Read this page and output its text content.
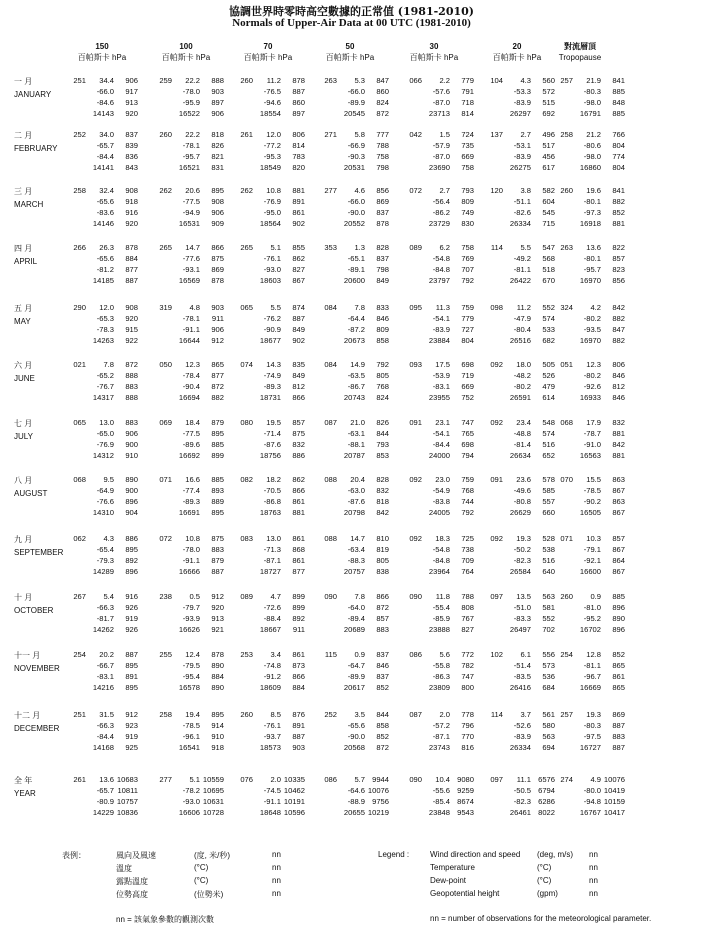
協調世界時零時高空數據的正常值 (1981-2010)
Normals of Upper-Air Data at 00 UTC (1981-2010)
150
百帕斯卡 hPa
100
百帕斯卡 hPa
70
百帕斯卡 hPa
50
百帕斯卡 hPa
30
百帕斯卡 hPa
20
百帕斯卡 hPa
對流層頂
Tropopause
一 月
JANUARY
251	34.4	906	259	22.2	888	260	11.2	878	263	5.3	847	066	2.2	779	104	4.3	560 257	21.9	841
-66.0	917	-78.0	903	-76.5	887	-66.0	860	-57.6	791	-53.3	572	-80.3	885
-84.6	913	-95.9	897	-94.6	860	-89.9	824	-87.0	718	-83.9	515	-98.0	848
14143	920	16522	906	18554	897	20545	872	23713	814	26297	692	16791	885
二 月
FEBRUARY
252	34.0	837	260	22.2	818	261	12.0	806	271	5.8	777	042	1.5	724	137	2.7	496 258	21.2	766
-65.7	839	-78.1	826	-77.2	814	-66.9	788	-57.9	735	-53.1	517	-80.6	804
-84.4	836	-95.7	821	-95.3	783	-90.3	758	-87.0	669	-83.9	456	-98.0	774
14141	843	16521	831	18549	820	20531	798	23690	758	26275	617	16860	804
三 月
MARCH
258	32.4	908	262	20.6	895	262	10.8	881	277	4.6	856	072	2.7	793	120	3.8	582 260	19.6	841
-65.6	918	-77.5	908	-76.9	891	-66.0	869	-56.4	809	-51.1	604	-80.1	882
-83.6	916	-94.9	906	-95.0	861	-90.0	837	-86.2	749	-82.6	545	-97.3	852
14146	920	16531	909	18564	902	20552	878	23729	830	26334	715	16918	881
四 月
APRIL
266	26.3	878	265	14.7	866	265	5.1	855	353	1.3	828	089	6.2	758	114	5.5	547 263	13.6	822
-65.6	884	-77.6	875	-76.1	862	-65.1	837	-54.8	769	-49.2	568	-80.1	857
-81.2	877	-93.1	869	-93.0	827	-89.1	798	-84.8	707	-81.1	518	-95.7	823
14185	887	16569	878	18603	867	20600	849	23797	792	26422	670	16970	856
五 月
MAY
290	12.0	908	319	4.8	903	065	5.5	874	084	7.8	833	095	11.3	759	098	11.2	552 324	4.2	842
-65.3	920	-78.1	911	-76.2	887	-64.4	846	-54.1	779	-47.9	574	-80.2	882
-78.3	915	-91.1	906	-90.9	849	-87.2	809	-83.9	727	-80.4	533	-93.5	847
14263	922	16644	912	18677	902	20673	858	23884	804	26516	682	16970	882
六 月
JUNE
021	7.8	872	050	12.3	865	074	14.3	835	084	14.9	792	093	17.5	698	092	18.0	505 051	12.3	806
-65.2	888	-78.4	877	-74.9	849	-63.5	805	-53.9	719	-48.2	526	-80.2	846
-76.7	883	-90.4	872	-89.3	812	-86.7	768	-83.1	669	-80.2	479	-92.6	812
14317	888	16694	882	18731	866	20743	824	23955	752	26591	614	16933	846
七 月
JULY
065	13.0	883	069	18.4	879	080	19.5	857	087	21.0	826	091	23.1	747	092	23.4	548 068	17.9	832
-65.0	906	-77.5	895	-71.4	875	-63.1	844	-54.1	765	-48.8	574	-78.7	881
-76.9	900	-89.6	885	-87.6	832	-88.1	793	-84.4	698	-81.4	516	-91.0	842
14312	910	16692	899	18756	886	20787	853	24000	794	26634	652	16563	881
八 月
AUGUST
068	9.5	890	071	16.6	885	082	18.2	862	088	20.4	828	092	23.0	759	091	23.6	578 070	15.5	863
-64.9	900	-77.4	893	-70.5	866	-63.0	832	-54.9	768	-49.6	585	-78.5	867
-76.6	896	-89.3	889	-86.8	861	-87.6	818	-83.8	744	-80.8	557	-90.2	863
14310	904	16691	895	18763	881	20798	842	24005	792	26629	660	16505	867
九 月
SEPTEMBER
062	4.3	886	072	10.8	875	083	13.0	861	088	14.7	810	092	18.3	725	092	19.3	528 071	10.3	857
-65.4	895	-78.0	883	-71.3	868	-63.4	819	-54.8	738	-50.2	538	-79.1	867
-79.3	892	-91.1	879	-87.1	861	-88.3	805	-84.8	709	-82.3	516	-92.1	864
14289	896	16666	887	18727	877	20757	838	23964	764	26584	640	16600	867
十 月
OCTOBER
267	5.4	916	238	0.5	912	089	4.7	899	090	7.8	866	090	11.8	788	097	13.5	563 260	0.9	885
-66.3	926	-79.7	920	-72.6	899	-64.0	872	-55.4	808	-51.0	581	-81.0	896
-81.7	919	-93.9	913	-88.4	892	-89.4	857	-85.9	767	-83.3	552	-95.2	890
14262	926	16626	921	18667	911	20689	883	23888	827	26497	702	16702	896
十一 月
NOVEMBER
254	20.2	887	255	12.4	878	253	3.4	861	115	0.9	837	086	5.6	772	102	6.1	556 254	12.8	852
-66.7	895	-79.5	890	-74.8	873	-64.7	846	-55.8	782	-51.4	573	-81.1	865
-83.1	891	-95.4	884	-91.2	866	-89.9	837	-86.3	747	-83.5	536	-96.7	861
14216	895	16578	890	18609	884	20617	852	23809	800	26416	684	16669	865
十二 月
DECEMBER
251	31.5	912	258	19.4	895	260	8.5	876	252	3.5	844	087	2.0	778	114	3.7	561 257	19.3	869
-66.3	923	-78.5	914	-76.1	891	-65.6	858	-57.2	796	-52.6	580	-80.3	887
-84.4	919	-96.1	910	-93.7	887	-90.0	852	-87.1	770	-83.9	563	-97.5	883
14168	925	16541	918	18573	903	20568	872	23743	816	26334	694	16727	887
全 年
YEAR
261	13.6 10683	277	5.1 10559	076	2.0 10335	086	5.7 9944	090	10.4 9080	097	11.1 6576 274	4.9 10076
-65.7 10811	-78.2 10695	-74.5 10462	-64.6 10076	-55.6 9259	-50.5 6794	-80.0 10419
-80.9 10757	-93.0 10631	-91.1 10191	-88.9 9756	-85.4 8674	-82.3 6286	-94.8 10159
14229 10836	16606 10728	18648 10596	20655 10219	23848 9543	26461 8022	16767 10417
表例：	風向及風速	(度, 米/秒)	nn
溫度	(°C)	nn
露點溫度	(°C)	nn
位勢高度	(位勢米)	nn
Legend :	Wind direction and speed (deg, m/s) nn
Temperature	(°C)	nn
Dew-point	(°C)	nn
Geopotential height	(gpm)	nn
nn = 該氣象參數的觀測次數	nn = number of observations for the meteorological parameter.
